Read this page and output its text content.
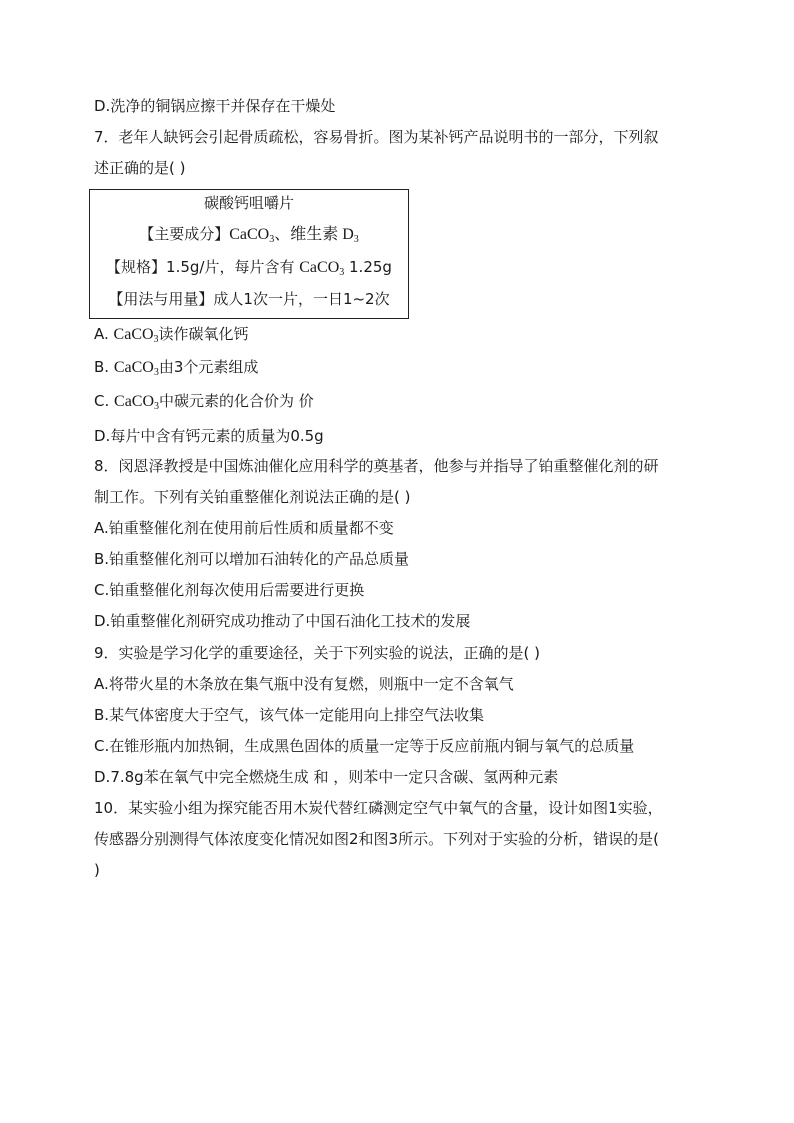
D.洗净的铜锅应擦干并保存在干燥处
7．老年人缺钙会引起骨质疏松，容易骨折。图为某补钙产品说明书的一部分，下列叙
述正确的是( )
碳酸钙咀嚼片
【主要成分】CaCO$_3$、维生素 $D_3$
【规格】1.5g/片，每片含有 CaCO$_3$ 1.25g
【用法与用量】成人1次一片，一日1~2次
A. CaCO$_3$读作碳氧化钙
B. CaCO$_3$由3个元素组成
C. CaCO$_3$中碳元素的化合价为 价
D.每片中含有钙元素的质量为0.5g
8．闵恩泽教授是中国炼油催化应用科学的奠基者，他参与并指导了铂重整催化剂的研
制工作。下列有关铂重整催化剂说法正确的是( )
A.铂重整催化剂在使用前后性质和质量都不变
B.铂重整催化剂可以增加石油转化的产品总质量
C.铂重整催化剂每次使用后需要进行更换
D.铂重整催化剂研究成功推动了中国石油化工技术的发展
9．实验是学习化学的重要途径，关于下列实验的说法，正确的是( )
A.将带火星的木条放在集气瓶中没有复燃，则瓶中一定不含氧气
B.某气体密度大于空气，该气体一定能用向上排空气法收集
C.在锥形瓶内加热铜，生成黑色固体的质量一定等于反应前瓶内铜与氧气的总质量
D.7.8g苯在氧气中完全燃烧生成 和 ，则苯中一定只含碳、氢两种元素
10．某实验小组为探究能否用木炭代替红磷测定空气中氧气的含量，设计如图1实验，
传感器分别测得气体浓度变化情况如图2和图3所示。下列对于实验的分析，错误的是(
)
